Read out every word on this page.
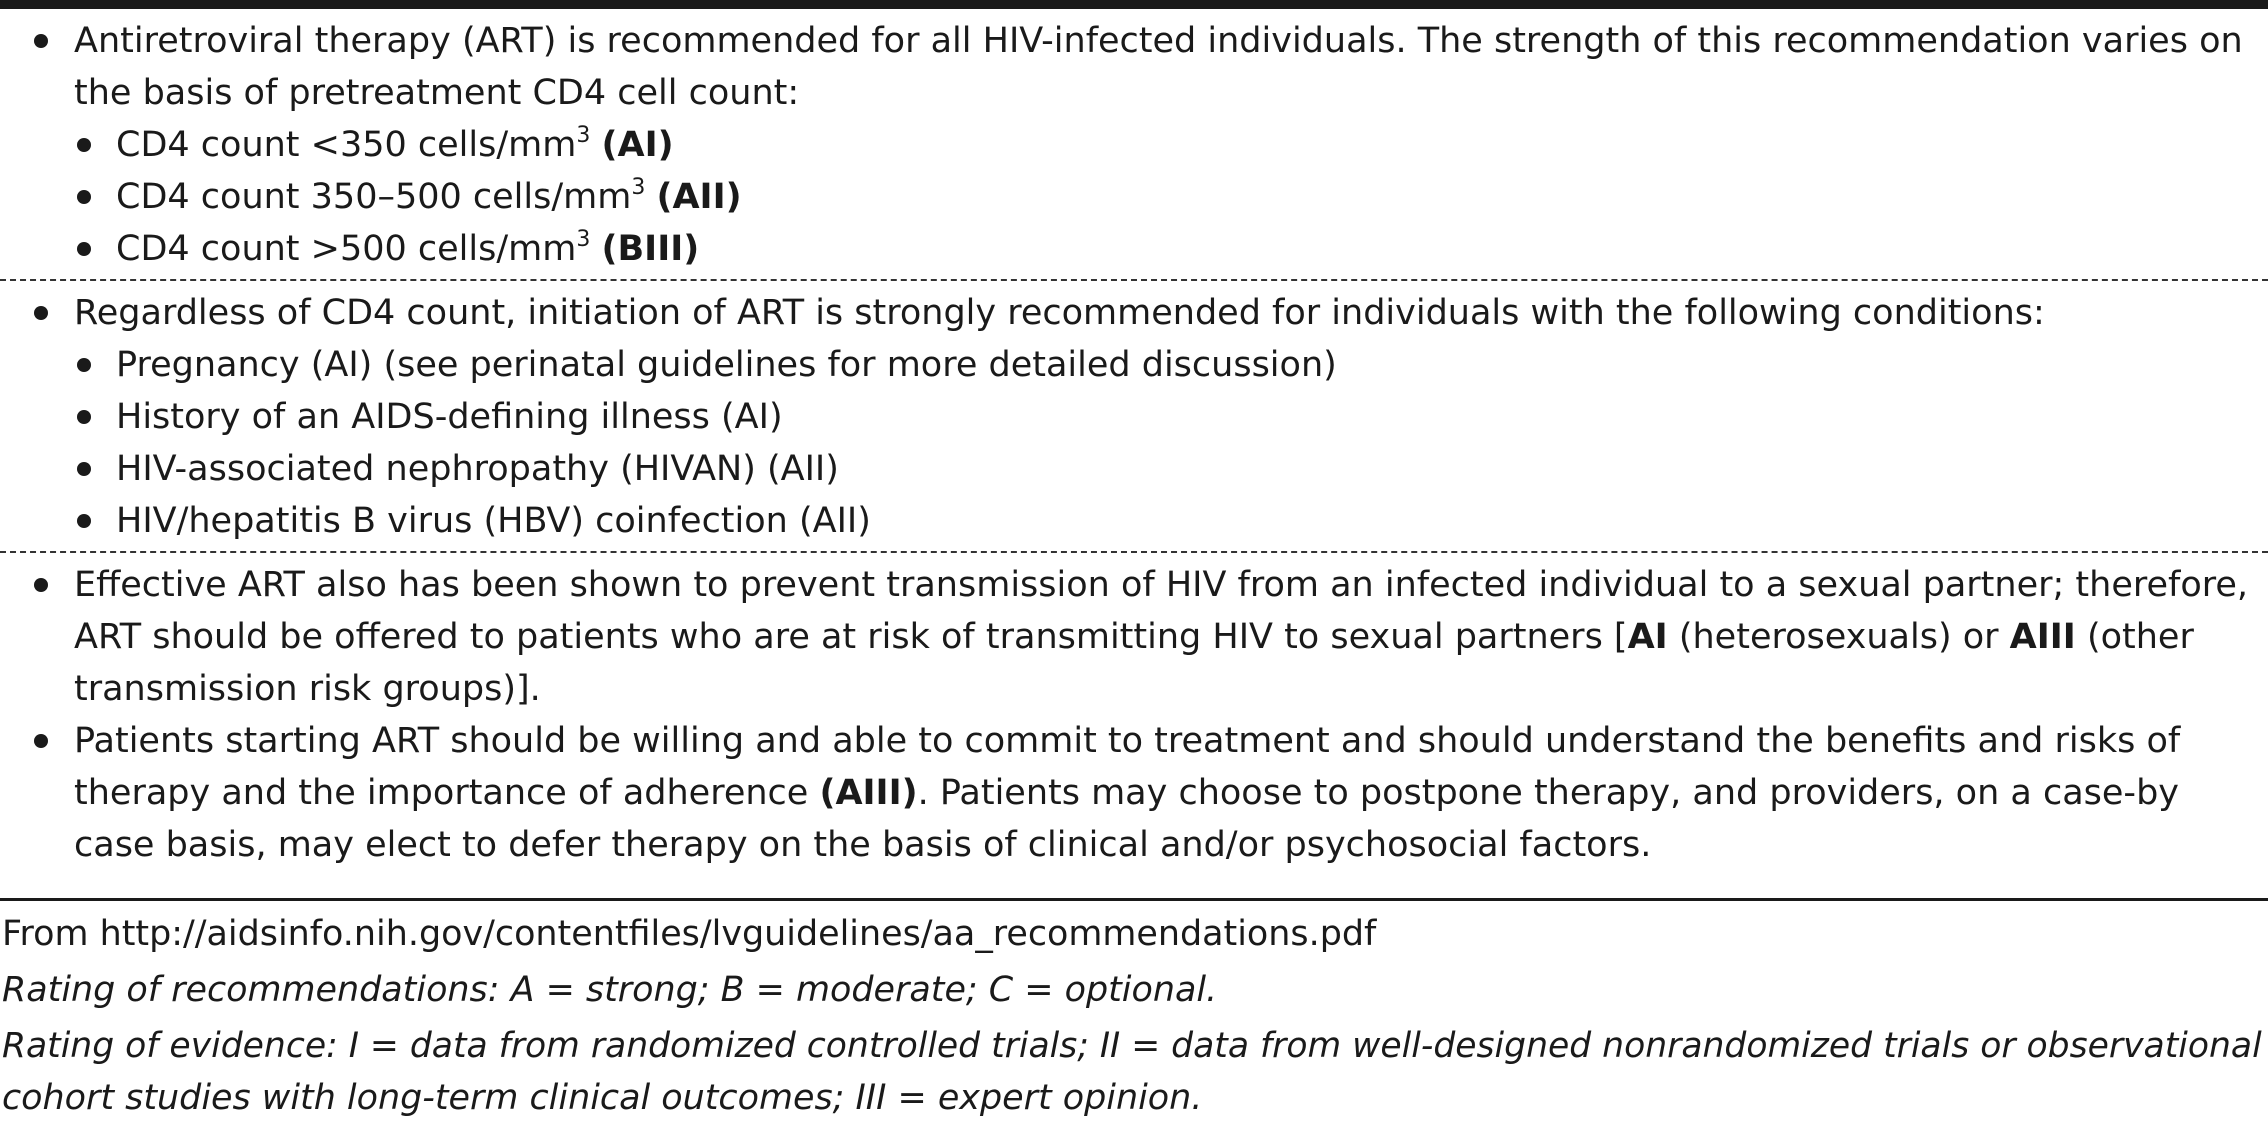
Antiretroviral therapy (ART) is recommended for all HIV-infected individuals. The strength of this recommendation varies on the basis of pretreatment CD4 cell count:
CD4 count <350 cells/$mm^3$ (AI)
CD4 count 350–500 cells/$mm^3$ (AII)
CD4 count >500 cells/$mm^3$ (BIII)
Regardless of CD4 count, initiation of ART is strongly recommended for individuals with the following conditions:
Pregnancy (AI) (see perinatal guidelines for more detailed discussion)
History of an AIDS-defining illness (AI)
HIV-associated nephropathy (HIVAN) (AII)
HIV/hepatitis B virus (HBV) coinfection (AII)
Effective ART also has been shown to prevent transmission of HIV from an infected individual to a sexual partner; therefore, ART should be offered to patients who are at risk of transmitting HIV to sexual partners [AI (heterosexuals) or AIII (other transmission risk groups)].
Patients starting ART should be willing and able to commit to treatment and should understand the benefits and risks of therapy and the importance of adherence (AIII). Patients may choose to postpone therapy, and providers, on a case-by case basis, may elect to defer therapy on the basis of clinical and/or psychosocial factors.
From http://aidsinfo.nih.gov/contentfiles/lvguidelines/aa_recommendations.pdf
Rating of recommendations: A = strong; B = moderate; C = optional.
Rating of evidence: I = data from randomized controlled trials; II = data from well-designed nonrandomized trials or observational
cohort studies with long-term clinical outcomes; III = expert opinion.
